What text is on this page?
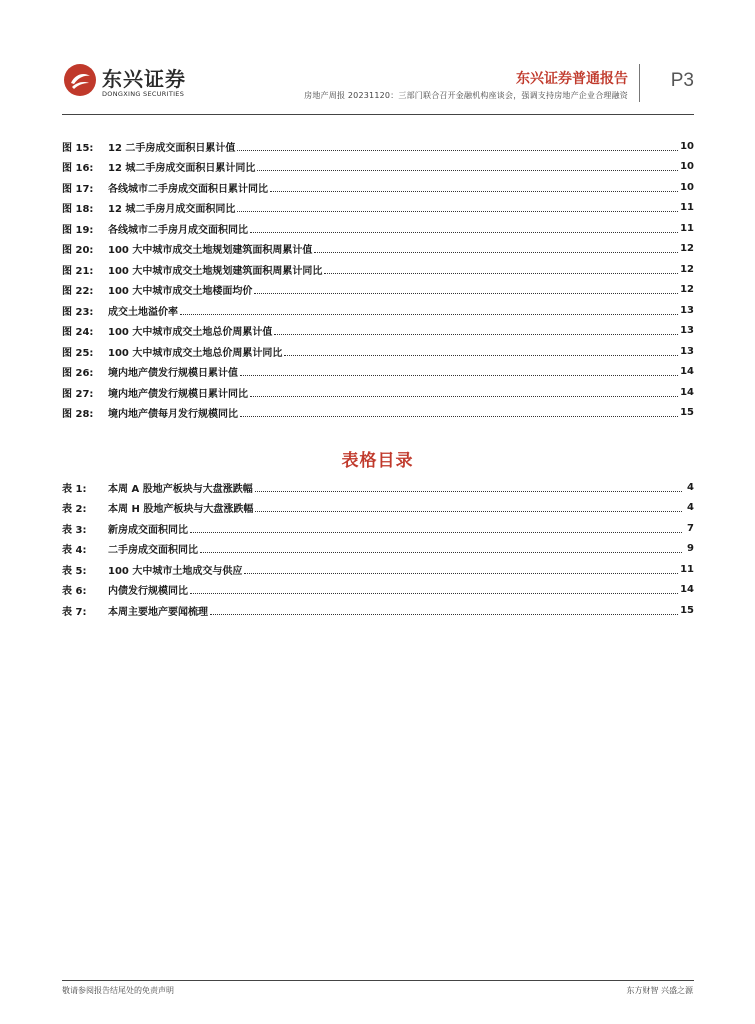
东兴证券
DONGXING SECURITIES
东兴证券普通报告
房地产周报 20231120：三部门联合召开金融机构座谈会，强调支持房地产企业合理融资
P3
图 15:	12 二手房成交面积日累计值	10
图 16:	12 城二手房成交面积日累计同比	10
图 17:	各线城市二手房成交面积日累计同比	10
图 18:	12 城二手房月成交面积同比	11
图 19:	各线城市二手房月成交面积同比	11
图 20:	100 大中城市成交土地规划建筑面积周累计值	12
图 21:	100 大中城市成交土地规划建筑面积周累计同比	12
图 22:	100 大中城市成交土地楼面均价	12
图 23:	成交土地溢价率	13
图 24:	100 大中城市成交土地总价周累计值	13
图 25:	100 大中城市成交土地总价周累计同比	13
图 26:	境内地产债发行规模日累计值	14
图 27:	境内地产债发行规模日累计同比	14
图 28:	境内地产债每月发行规模同比	15
表格目录
表 1:	本周 A 股地产板块与大盘涨跌幅	4
表 2:	本周 H 股地产板块与大盘涨跌幅	4
表 3:	新房成交面积同比	7
表 4:	二手房成交面积同比	9
表 5:	100 大中城市土地成交与供应	11
表 6:	内债发行规模同比	14
表 7:	本周主要地产要闻梳理	15
敬请参阅报告结尾处的免责声明	东方财智 兴盛之源
